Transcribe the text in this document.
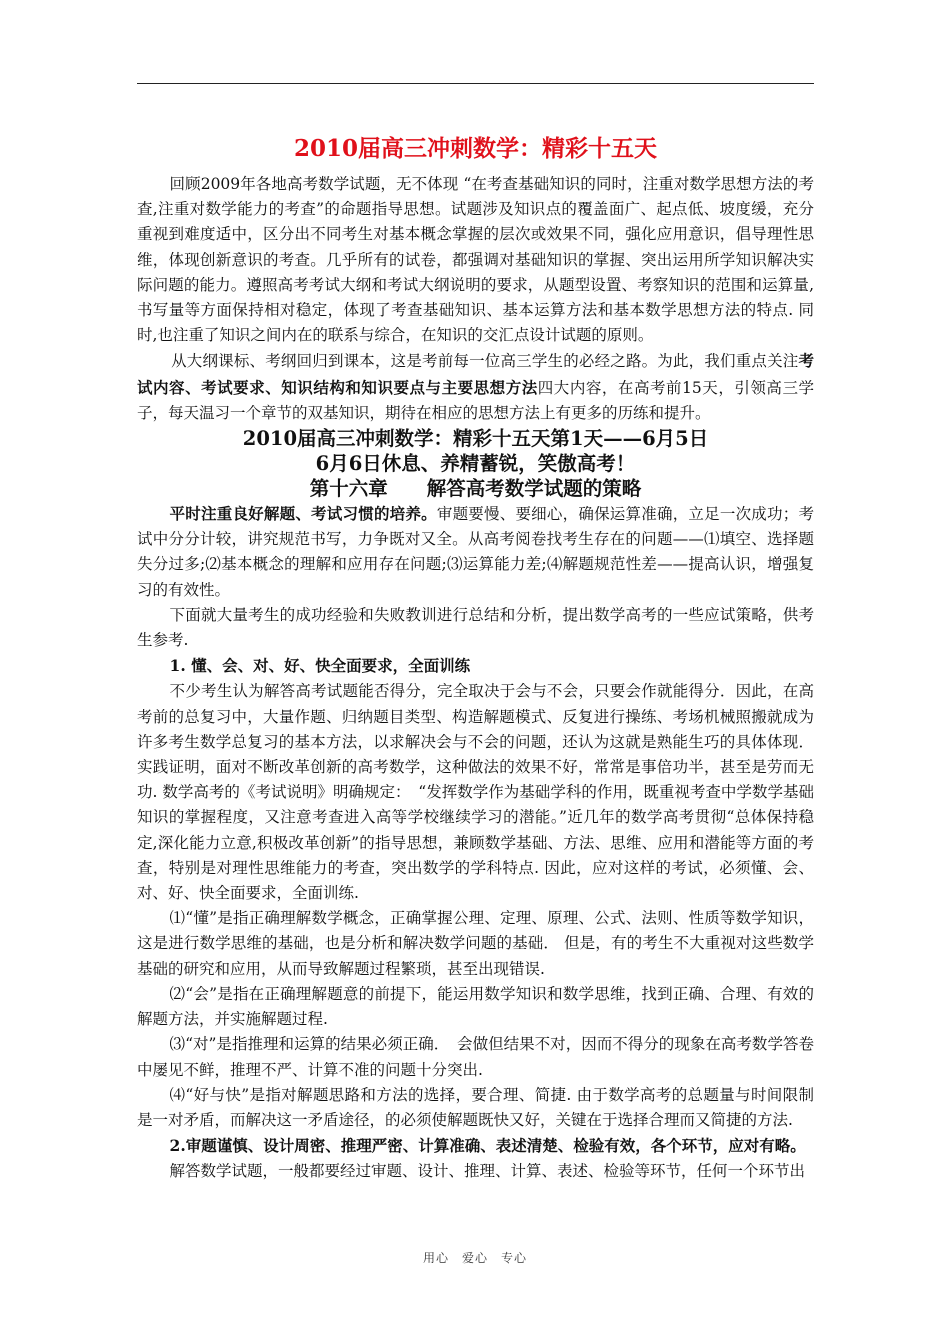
2010届高三冲刺数学：精彩十五天

回顾2009年各地高考数学试题，无不体现 “在考查基础知识的同时，注重对数学思想方法的考查,注重对数学能力的考查”的命题指导思想。试题涉及知识点的覆盖面广、起点低、坡度缓，充分重视到难度适中，区分出不同考生对基本概念掌握的层次或效果不同，强化应用意识，倡导理性思维，体现创新意识的考查。几乎所有的试卷，都强调对基础知识的掌握、突出运用所学知识解决实际问题的能力。遵照高考考试大纲和考试大纲说明的要求，从题型设置、考察知识的范围和运算量,书写量等方面保持相对稳定，体现了考查基础知识、基本运算方法和基本数学思想方法的特点. 同时,也注重了知识之间内在的联系与综合，在知识的交汇点设计试题的原则。

从大纲课标、考纲回归到课本，这是考前每一位高三学生的必经之路。为此，我们重点关注考试内容、考试要求、知识结构和知识要点与主要思想方法四大内容，在高考前15天，引领高三学子，每天温习一个章节的双基知识，期待在相应的思想方法上有更多的历练和提升。

2010届高三冲刺数学：精彩十五天第1天——6月5日
6月6日休息、养精蓄锐，笑傲高考！
第十六章　　解答高考数学试题的策略

平时注重良好解题、考试习惯的培养。审题要慢、要细心，确保运算准确，立足一次成功；考试中分分计较，讲究规范书写，力争既对又全。从高考阅卷找考生存在的问题——⑴填空、选择题失分过多;⑵基本概念的理解和应用存在问题;⑶运算能力差;⑷解题规范性差——提高认识，增强复习的有效性。

下面就大量考生的成功经验和失败教训进行总结和分析，提出数学高考的一些应试策略，供考生参考.

1. 懂、会、对、好、快全面要求，全面训练

不少考生认为解答高考试题能否得分，完全取决于会与不会，只要会作就能得分．因此，在高考前的总复习中，大量作题、归纳题目类型、构造解题模式、反复进行操练、考场机械照搬就成为许多考生数学总复习的基本方法，以求解决会与不会的问题，还认为这就是熟能生巧的具体体现．实践证明，面对不断改革创新的高考数学，这种做法的效果不好，常常是事倍功半，甚至是劳而无功. 数学高考的《考试说明》明确规定：　“发挥数学作为基础学科的作用，既重视考查中学数学基础知识的掌握程度，又注意考查进入高等学校继续学习的潜能。”近几年的数学高考贯彻“总体保持稳定,深化能力立意,积极改革创新”的指导思想，兼顾数学基础、方法、思维、应用和潜能等方面的考查，特别是对理性思维能力的考查，突出数学的学科特点. 因此，应对这样的考试，必须懂、会、对、好、快全面要求，全面训练.

⑴“懂”是指正确理解数学概念，正确掌握公理、定理、原理、公式、法则、性质等数学知识，这是进行数学思维的基础，也是分析和解决数学问题的基础． 但是，有的考生不大重视对这些数学基础的研究和应用，从而导致解题过程繁琐，甚至出现错误.

⑵“会”是指在正确理解题意的前提下，能运用数学知识和数学思维，找到正确、合理、有效的解题方法，并实施解题过程.

⑶“对”是指推理和运算的结果必须正确．　会做但结果不对，因而不得分的现象在高考数学答卷中屡见不鲜，推理不严、计算不准的问题十分突出.

⑷“好与快”是指对解题思路和方法的选择，要合理、简捷. 由于数学高考的总题量与时间限制是一对矛盾，而解决这一矛盾途径，的必须使解题既快又好，关键在于选择合理而又简捷的方法.

2.审题谨慎、设计周密、推理严密、计算准确、表述清楚、检验有效，各个环节，应对有略。

解答数学试题，一般都要经过审题、设计、推理、计算、表述、检验等环节，任何一个环节出

用心　爱心　专心
